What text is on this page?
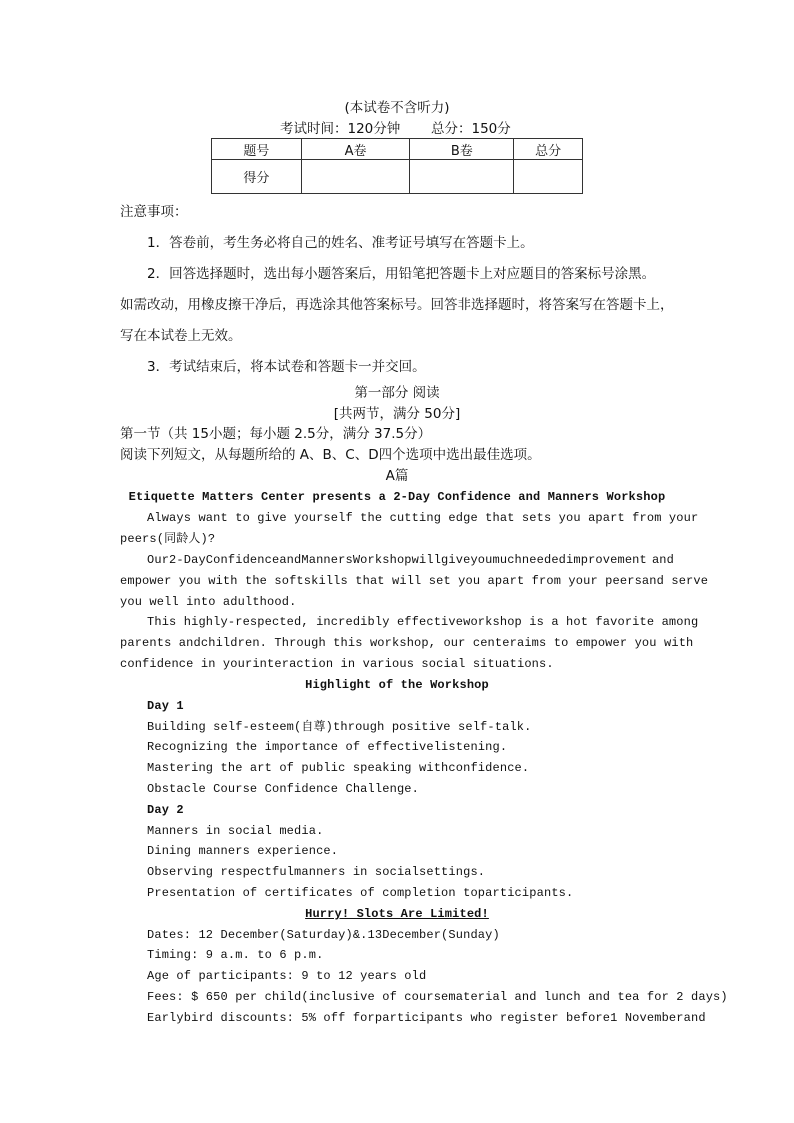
(本试卷不含听力)
考试时间：120分钟 总分：150分
题号	A卷	B卷	总分
得分			
注意事项：
1．答卷前，考生务必将自己的姓名、准考证号填写在答题卡上。
2．回答选择题时，选出每小题答案后，用铅笔把答题卡上对应题目的答案标号涂黑。
如需改动，用橡皮擦干净后，再选涂其他答案标号。回答非选择题时，将答案写在答题卡上，
写在本试卷上无效。
3．考试结束后，将本试卷和答题卡一并交回。
第一部分 阅读
[共两节，满分 50分]
第一节（共 15小题；每小题 2.5分，满分 37.5分）
阅读下列短文，从每题所给的 A、B、C、D四个选项中选出最佳选项。
A篇
Etiquette Matters Center presents a 2-Day Confidence and Manners Workshop
Always want to give yourself the cutting edge that sets you apart from your
peers(同龄人)?
Our2-DayConfidenceandMannersWorkshopwillgiveyoumuchneededimprovement and
empower you with the softskills that will set you apart from your peersand serve
you well into adulthood.
This highly-respected, incredibly effectiveworkshop is a hot favorite among
parents andchildren. Through this workshop, our centeraims to empower you with
confidence in yourinteraction in various social situations.
Highlight of the Workshop
Day 1
Building self-esteem(自尊)through positive self-talk.
Recognizing the importance of effectivelistening.
Mastering the art of public speaking withconfidence.
Obstacle Course Confidence Challenge.
Day 2
Manners in social media.
Dining manners experience.
Observing respectfulmanners in socialsettings.
Presentation of certificates of completion toparticipants.
Hurry! Slots Are Limited!
Dates: 12 December(Saturday)&.13December(Sunday)
Timing: 9 a.m. to 6 p.m.
Age of participants: 9 to 12 years old
Fees: $ 650 per child(inclusive of coursematerial and lunch and tea for 2 days)
Earlybird discounts: 5% off forparticipants who register before1 Novemberand
